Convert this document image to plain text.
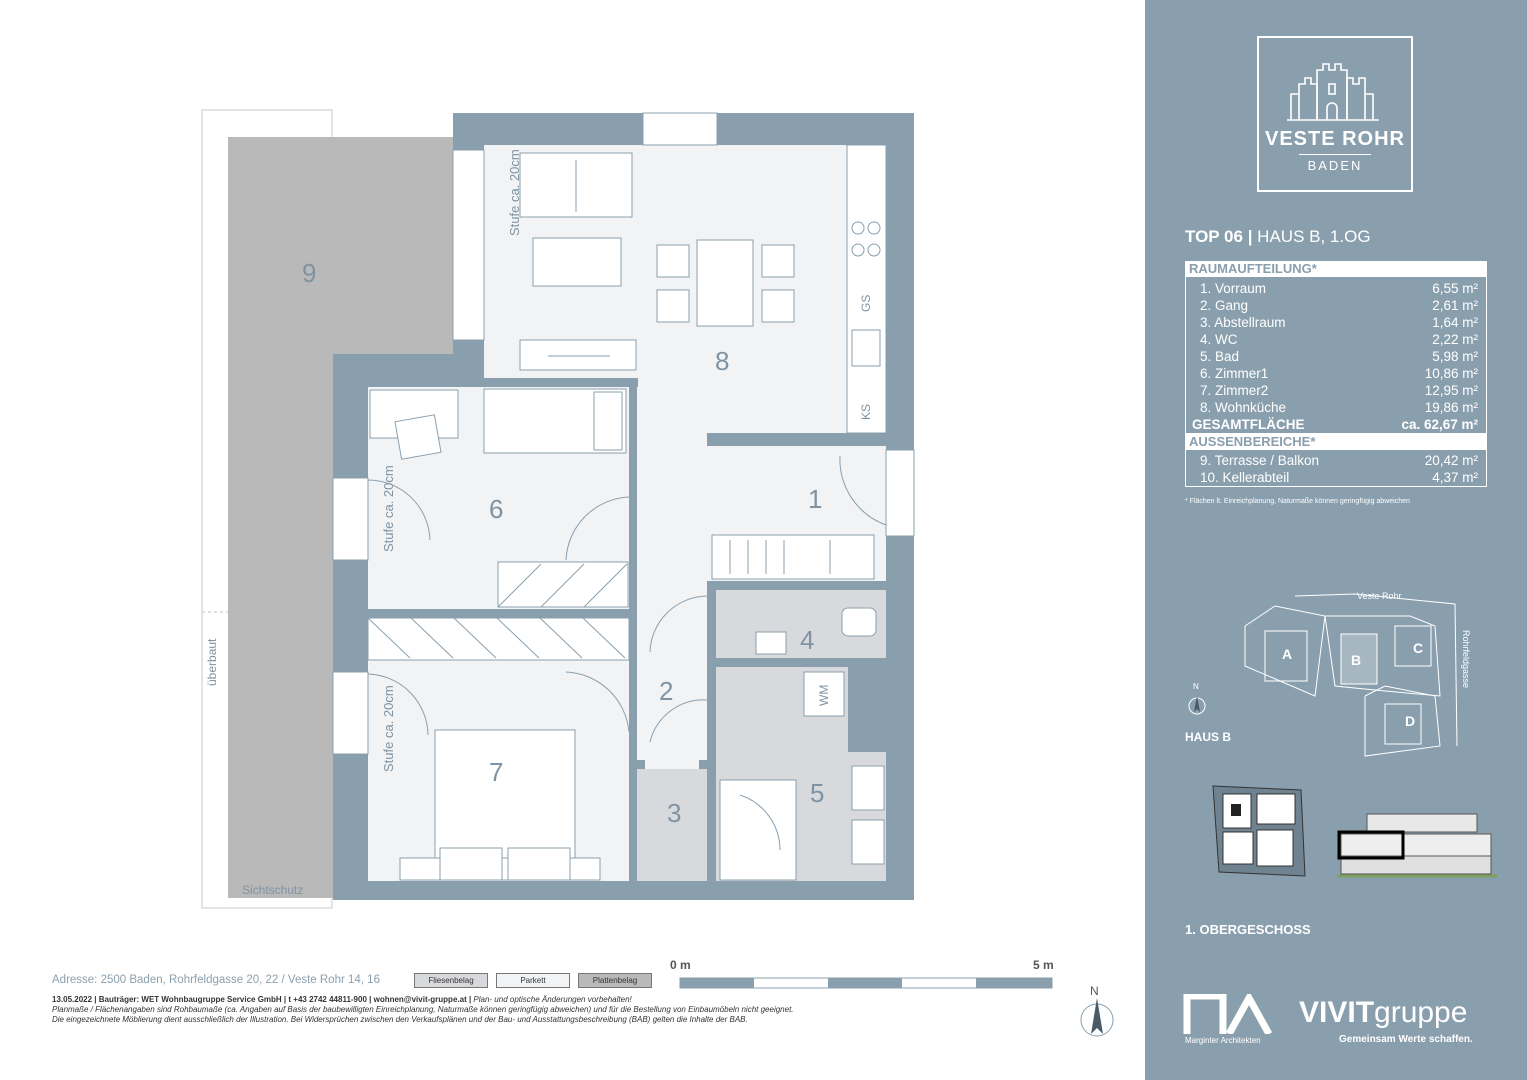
9
8
6	1
4
2
7
5
3
Stufe ca. 20cm
Stufe ca. 20cm
Stufe ca. 20cm
überbaut
GS
KS
WM
Sichtschutz
Adresse: 2500 Baden, Rohrfeldgasse 20, 22 / Veste Rohr 14, 16	Fliesenbelag	Parkett	Plattenbelag
0 m	5 m
N
13.05.2022 | Bauträger: WET Wohnbaugruppe Service GmbH | t +43 2742 44811-900 | wohnen@vivit-gruppe.at | Plan- und optische Änderungen vorbehalten!
Planmaße / Flächenangaben sind Rohbaumaße (ca. Angaben auf Basis der baubewilligten Einreichplanung, Naturmaße können geringfügig abweichen) und für die Bestellung von Einbaumöbeln nicht geeignet.
Die eingezeichnete Möblierung dient ausschließlich der Illustration. Bei Widersprüchen zwischen den Verkaufsplänen und der Bau- und Ausstattungsbeschreibung (BAB) gelten die Inhalte der BAB.
VESTE ROHR
BADEN
TOP 06 | HAUS B, 1.OG
RAUMAUFTEILUNG*
1. Vorraum	6,55 m²
2. Gang	2,61 m²
3. Abstellraum	1,64 m²
4. WC	2,22 m²
5. Bad	5,98 m²
6. Zimmer1	10,86 m²
7. Zimmer2	12,95 m²
8. Wohnküche	19,86 m²
GESAMTFLÄCHE	ca. 62,67 m²
AUSSENBEREICHE*
9. Terrasse / Balkon	20,42 m²
10. Kellerabteil	4,37 m²
* Flächen lt. Einreichplanung, Naturmaße können geringfügig abweichen
Veste Rohr
Rohrfeldgasse
A	B
C
D
N
HAUS B
1. OBERGESCHOSS
Marginter Architekten
VIVITgruppe
Gemeinsam Werte schaffen.
